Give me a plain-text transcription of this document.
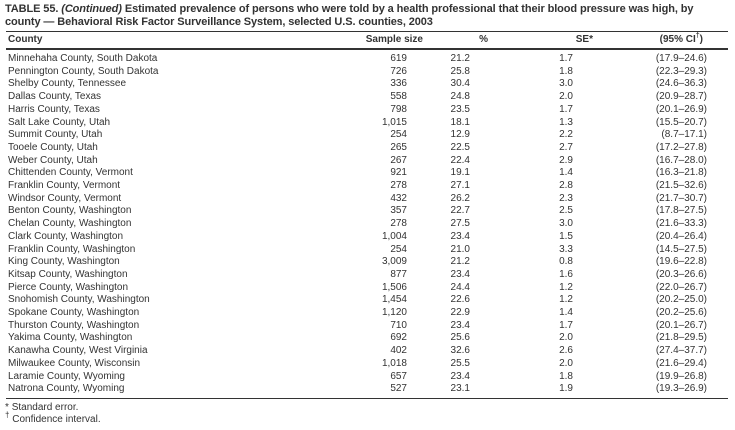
TABLE 55. (Continued) Estimated prevalence of persons who were told by a health professional that their blood pressure was high, by county — Behavioral Risk Factor Surveillance System, selected U.S. counties, 2003
County	Sample size	%	SE*	(95% CI†)
Minnehaha County, South Dakota	619	21.2	1.7	(17.9–24.6)
Pennington County, South Dakota	726	25.8	1.8	(22.3–29.3)
Shelby County, Tennessee	336	30.4	3.0	(24.6–36.3)
Dallas County, Texas	558	24.8	2.0	(20.9–28.7)
Harris County, Texas	798	23.5	1.7	(20.1–26.9)
Salt Lake County, Utah	1,015	18.1	1.3	(15.5–20.7)
Summit County, Utah	254	12.9	2.2	(8.7–17.1)
Tooele County, Utah	265	22.5	2.7	(17.2–27.8)
Weber County, Utah	267	22.4	2.9	(16.7–28.0)
Chittenden County, Vermont	921	19.1	1.4	(16.3–21.8)
Franklin County, Vermont	278	27.1	2.8	(21.5–32.6)
Windsor County, Vermont	432	26.2	2.3	(21.7–30.7)
Benton County, Washington	357	22.7	2.5	(17.8–27.5)
Chelan County, Washington	278	27.5	3.0	(21.6–33.3)
Clark County, Washington	1,004	23.4	1.5	(20.4–26.4)
Franklin County, Washington	254	21.0	3.3	(14.5–27.5)
King County, Washington	3,009	21.2	0.8	(19.6–22.8)
Kitsap County, Washington	877	23.4	1.6	(20.3–26.6)
Pierce County, Washington	1,506	24.4	1.2	(22.0–26.7)
Snohomish County, Washington	1,454	22.6	1.2	(20.2–25.0)
Spokane County, Washington	1,120	22.9	1.4	(20.2–25.6)
Thurston County, Washington	710	23.4	1.7	(20.1–26.7)
Yakima County, Washington	692	25.6	2.0	(21.8–29.5)
Kanawha County, West Virginia	402	32.6	2.6	(27.4–37.7)
Milwaukee County, Wisconsin	1,018	25.5	2.0	(21.6–29.4)
Laramie County, Wyoming	657	23.4	1.8	(19.9–26.8)
Natrona County, Wyoming	527	23.1	1.9	(19.3–26.9)
* Standard error.
† Confidence interval.
